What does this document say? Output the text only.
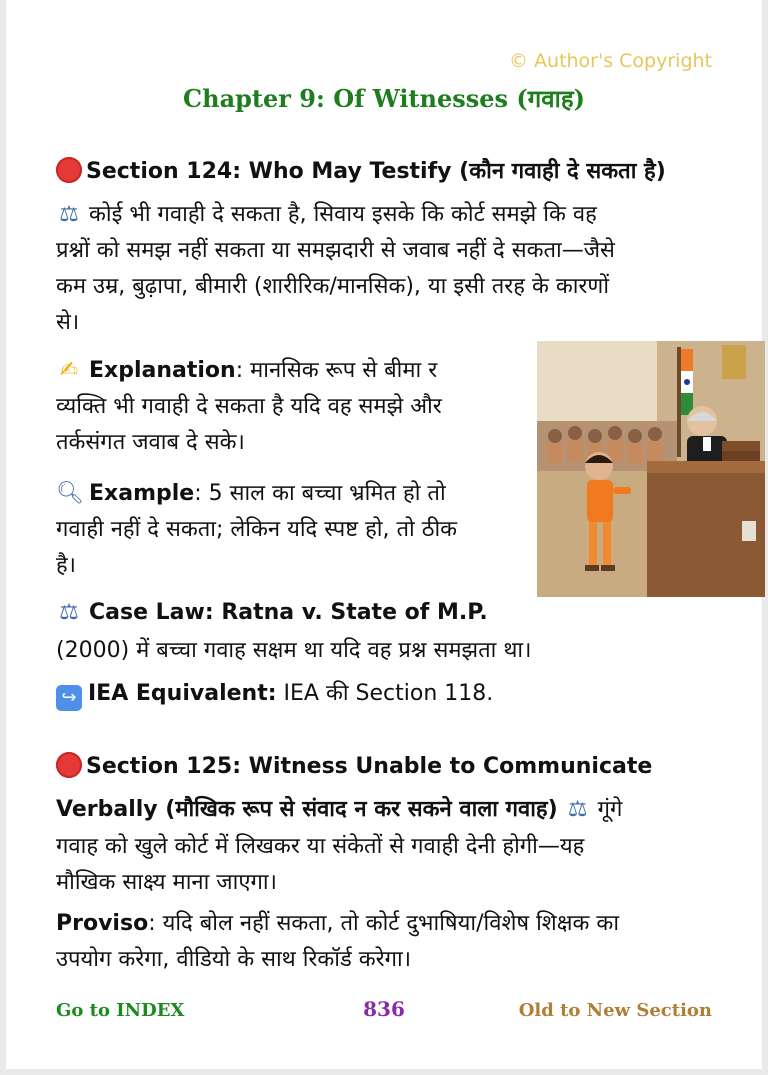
© Author's Copyright
Chapter 9: Of Witnesses (गवाह)
Section 124: Who May Testify (कौन गवाही दे सकता है)
⚖ कोई भी गवाही दे सकता है, सिवाय इसके कि कोर्ट समझे कि वह
प्रश्नों को समझ नहीं सकता या समझदारी से जवाब नहीं दे सकता—जैसे
कम उम्र, बुढ़ापा, बीमारी (शारीरिक/मानसिक), या इसी तरह के कारणों
से।
✍ Explanation: मानसिक रूप से बीमा र
व्यक्ति भी गवाही दे सकता है यदि वह समझे और
तर्कसंगत जवाब दे सके।
🔍︎ Example: 5 साल का बच्चा भ्रमित हो तो
गवाही नहीं दे सकता; लेकिन यदि स्पष्ट हो, तो ठीक
है।
⚖ Case Law: Ratna v. State of M.P.
(2000) में बच्चा गवाह सक्षम था यदि वह प्रश्न समझता था।
↪ IEA Equivalent: IEA की Section 118.
Section 125: Witness Unable to Communicate
Verbally (मौखिक रूप से संवाद न कर सकने वाला गवाह) ⚖ गूंगे
गवाह को खुले कोर्ट में लिखकर या संकेतों से गवाही देनी होगी—यह
मौखिक साक्ष्य माना जाएगा।
Proviso: यदि बोल नहीं सकता, तो कोर्ट दुभाषिया/विशेष शिक्षक का
उपयोग करेगा, वीडियो के साथ रिकॉर्ड करेगा।
Go to INDEX	836	Old to New Section
